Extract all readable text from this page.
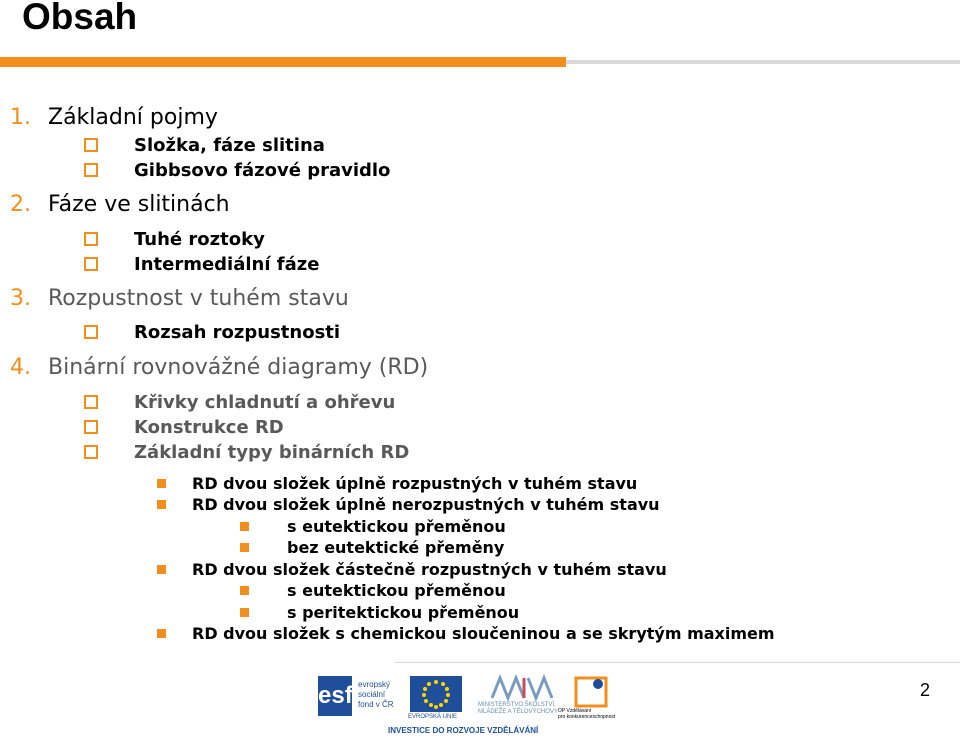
Obsah
1. Základní pojmy
Složka, fáze slitina
Gibbsovo fázové pravidlo
2. Fáze ve slitinách
Tuhé roztoky
Intermediální fáze
3. Rozpustnost v tuhém stavu
Rozsah rozpustnosti
4. Binární rovnovážné diagramy (RD)
Křivky chladnutí a ohřevu
Konstrukce RD
Základní typy binárních RD
RD dvou složek úplně rozpustných v tuhém stavu
RD dvou složek úplně nerozpustných v tuhém stavu
s eutektickou přeměnou
bez eutektické přeměny
RD dvou složek částečně rozpustných v tuhém stavu
s eutektickou přeměnou
s peritektickou přeměnou
RD dvou složek s chemickou sloučeninou a se skrytým maximem
2
esf evropský
sociální
fond v ČR
EVROPSKÁ UNIE
MINISTERSTVO ŠKOLSTVÍ,
MLÁDEŽE A TĚLOVÝCHOVY OP Vzdělávání
pro konkurenceschopnost
INVESTICE DO ROZVOJE VZDĚLÁVÁNÍ
